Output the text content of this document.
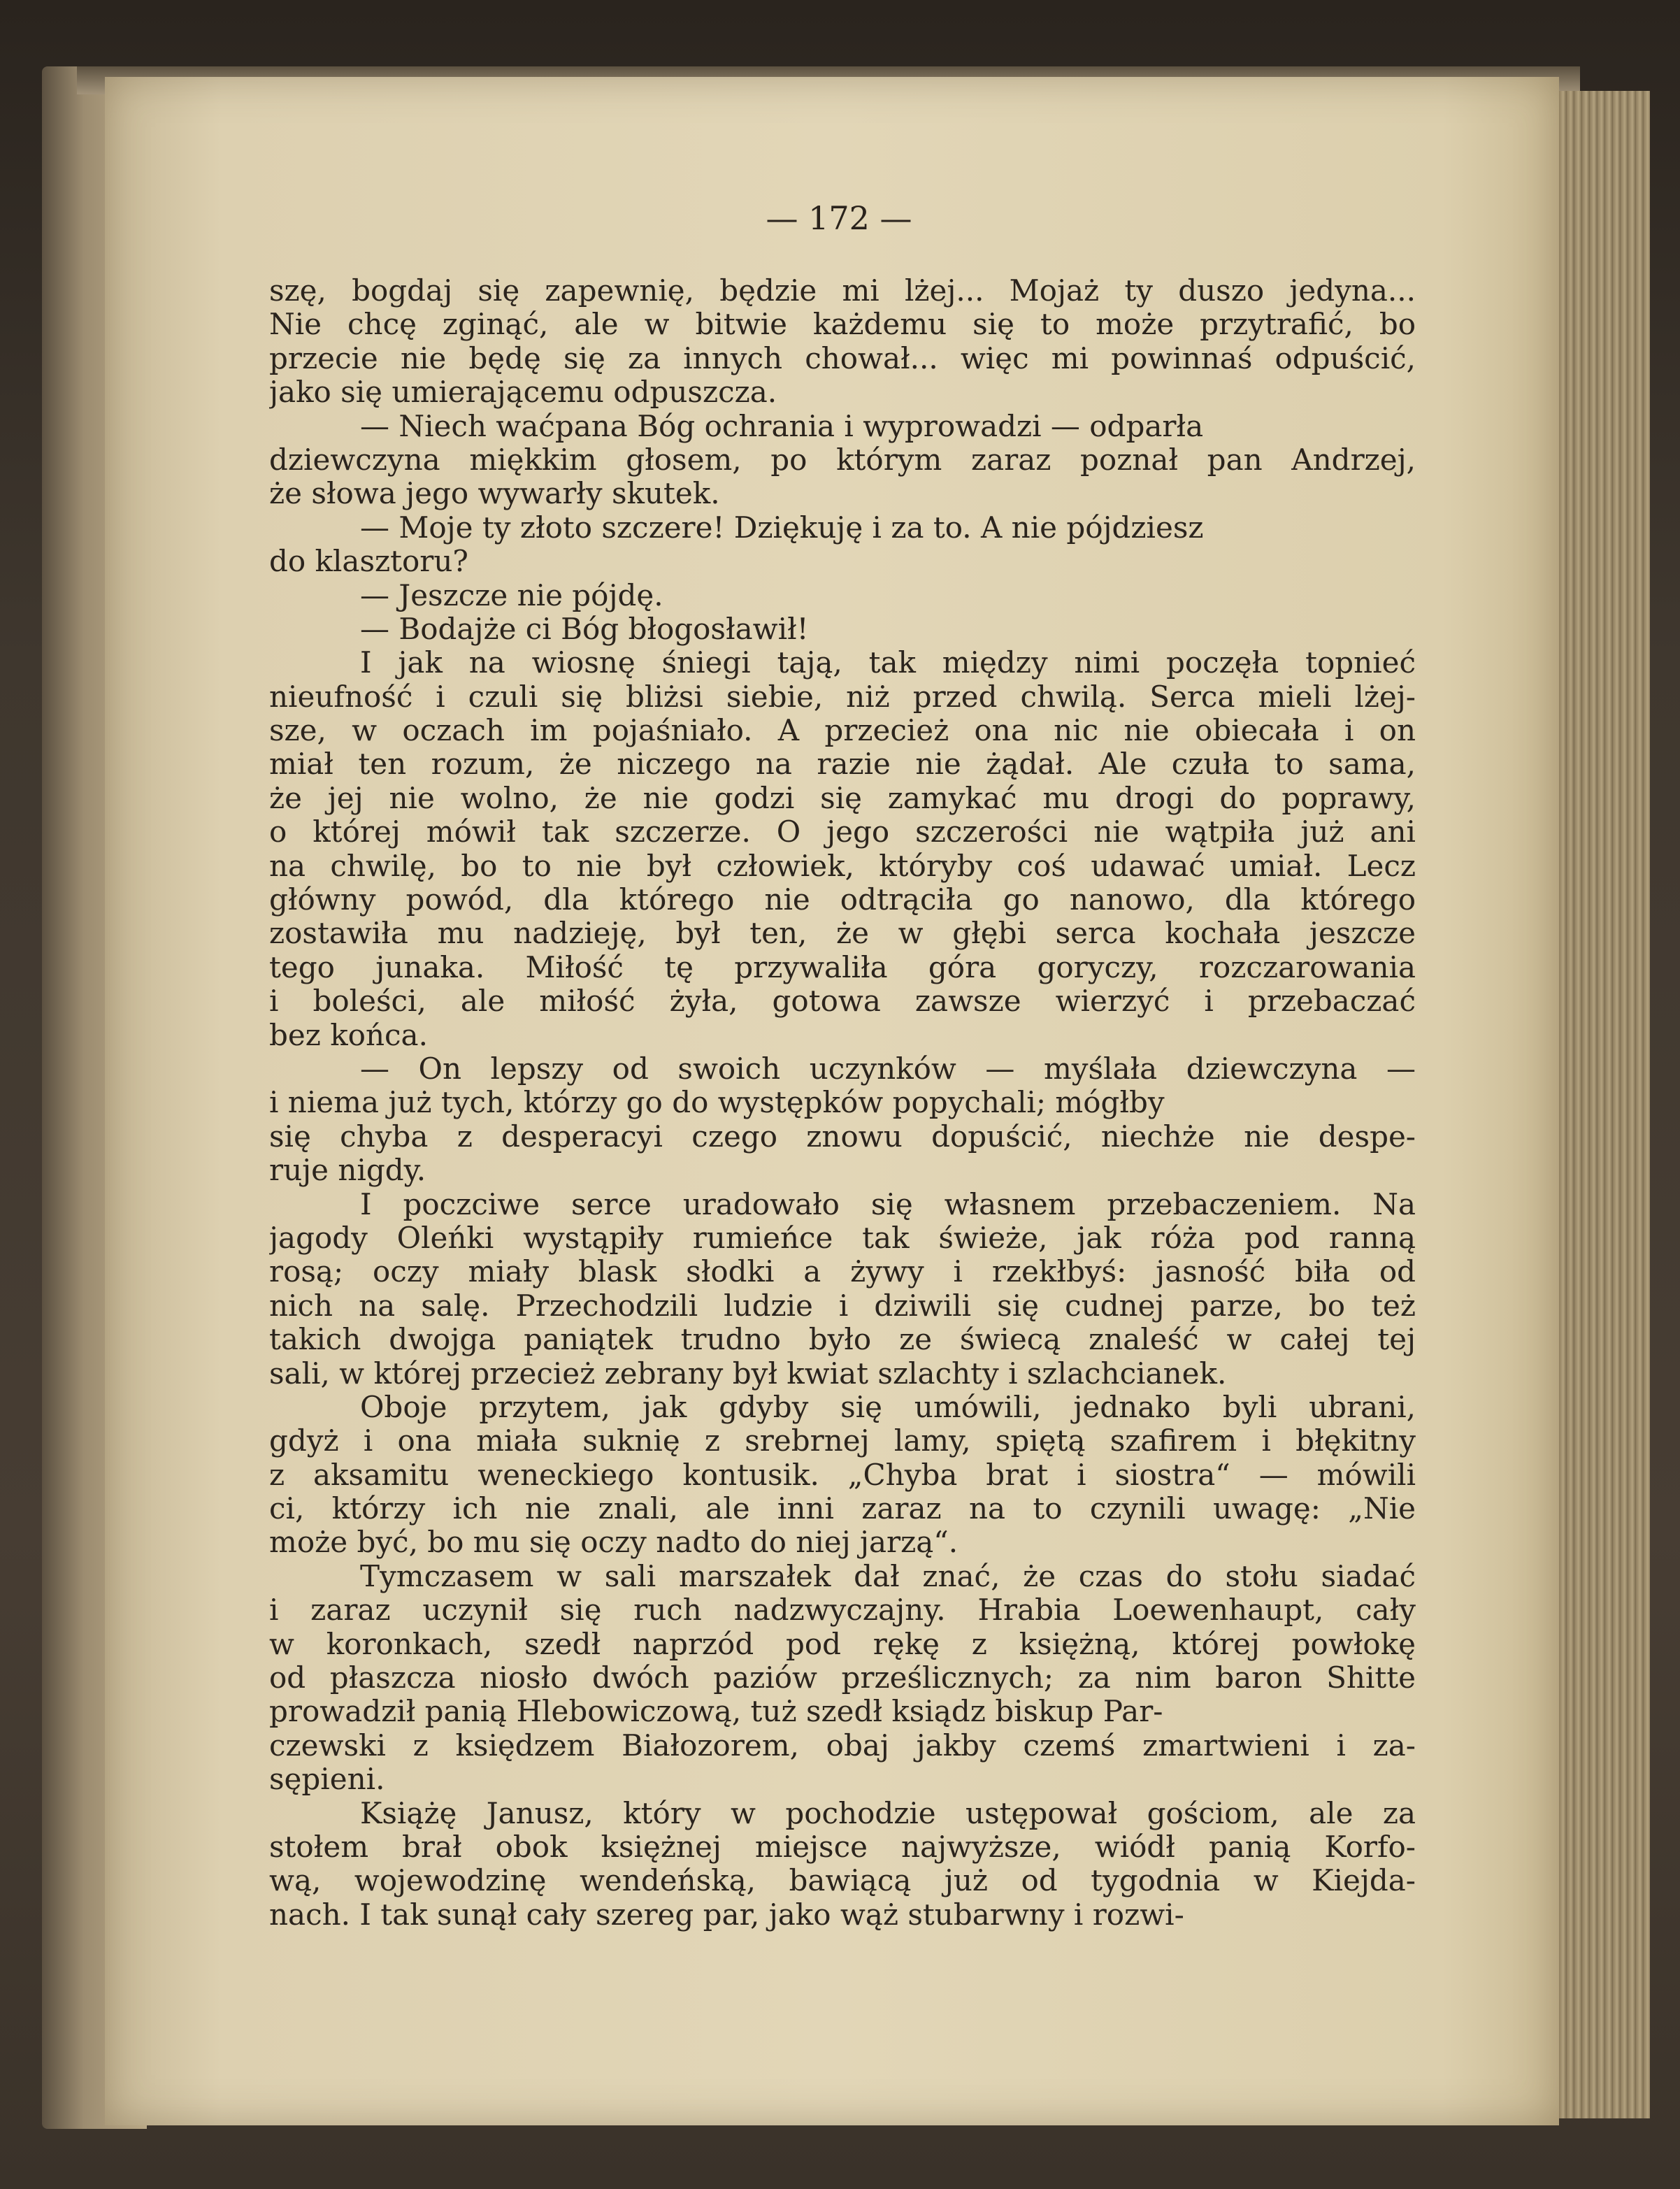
— 172 —
szę, bogdaj się zapewnię, będzie mi lżej... Mojaż ty duszo jedyna...
Nie chcę zginąć, ale w bitwie każdemu się to może przytrafić, bo
przecie nie będę się za innych chował... więc mi powinnaś odpuścić,
jako się umierającemu odpuszcza.
— Niech waćpana Bóg ochrania i wyprowadzi — odparła
dziewczyna miękkim głosem, po którym zaraz poznał pan Andrzej,
że słowa jego wywarły skutek.
— Moje ty złoto szczere! Dziękuję i za to. A nie pójdziesz
do klasztoru?
— Jeszcze nie pójdę.
— Bodajże ci Bóg błogosławił!
I jak na wiosnę śniegi tają, tak między nimi poczęła topnieć
nieufność i czuli się bliżsi siebie, niż przed chwilą. Serca mieli lżej-
sze, w oczach im pojaśniało. A przecież ona nic nie obiecała i on
miał ten rozum, że niczego na razie nie żądał. Ale czuła to sama,
że jej nie wolno, że nie godzi się zamykać mu drogi do poprawy,
o której mówił tak szczerze. O jego szczerości nie wątpiła już ani
na chwilę, bo to nie był człowiek, któryby coś udawać umiał. Lecz
główny powód, dla którego nie odtrąciła go nanowo, dla którego
zostawiła mu nadzieję, był ten, że w głębi serca kochała jeszcze
tego junaka. Miłość tę przywaliła góra goryczy, rozczarowania
i boleści, ale miłość żyła, gotowa zawsze wierzyć i przebaczać
bez końca.
— On lepszy od swoich uczynków — myślała dziewczyna —
i niema już tych, którzy go do występków popychali; mógłby
się chyba z desperacyi czego znowu dopuścić, niechże nie despe-
ruje nigdy.
I poczciwe serce uradowało się własnem przebaczeniem. Na
jagody Oleńki wystąpiły rumieńce tak świeże, jak róża pod ranną
rosą; oczy miały blask słodki a żywy i rzekłbyś: jasność biła od
nich na salę. Przechodzili ludzie i dziwili się cudnej parze, bo też
takich dwojga paniątek trudno było ze świecą znaleść w całej tej
sali, w której przecież zebrany był kwiat szlachty i szlachcianek.
Oboje przytem, jak gdyby się umówili, jednako byli ubrani,
gdyż i ona miała suknię z srebrnej lamy, spiętą szafirem i błękitny
z aksamitu weneckiego kontusik. „Chyba brat i siostra“ — mówili
ci, którzy ich nie znali, ale inni zaraz na to czynili uwagę: „Nie
może być, bo mu się oczy nadto do niej jarzą“.
Tymczasem w sali marszałek dał znać, że czas do stołu siadać
i zaraz uczynił się ruch nadzwyczajny. Hrabia Loewenhaupt, cały
w koronkach, szedł naprzód pod rękę z księżną, której powłokę
od płaszcza niosło dwóch paziów prześlicznych; za nim baron Shitte
prowadził panią Hlebowiczową, tuż szedł ksiądz biskup Par-
czewski z księdzem Białozorem, obaj jakby czemś zmartwieni i za-
sępieni.
Książę Janusz, który w pochodzie ustępował gościom, ale za
stołem brał obok księżnej miejsce najwyższe, wiódł panią Korfo-
wą, wojewodzinę wendeńską, bawiącą już od tygodnia w Kiejda-
nach. I tak sunął cały szereg par, jako wąż stubarwny i rozwi-
